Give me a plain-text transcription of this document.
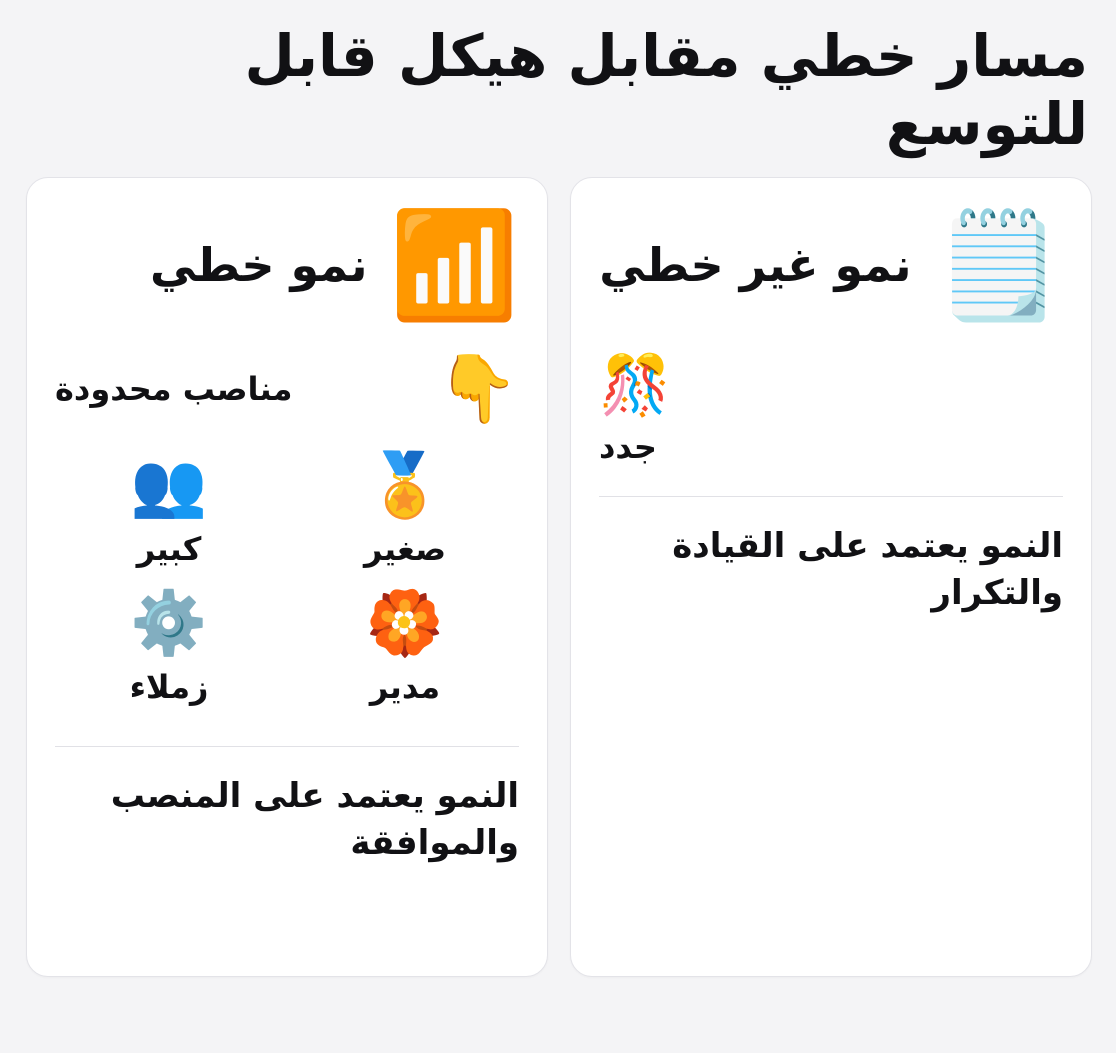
مسار خطي مقابل هيكل قابل للتوسع
🗒️
نمو غير خطي
🎊
جدد
النمو يعتمد على القيادة والتكرار
📶
نمو خطي
👇
مناصب محدودة
🏅
صغير
👥
كبير
🏵️
مدير
⚙️
زملاء
النمو يعتمد على المنصب والموافقة
